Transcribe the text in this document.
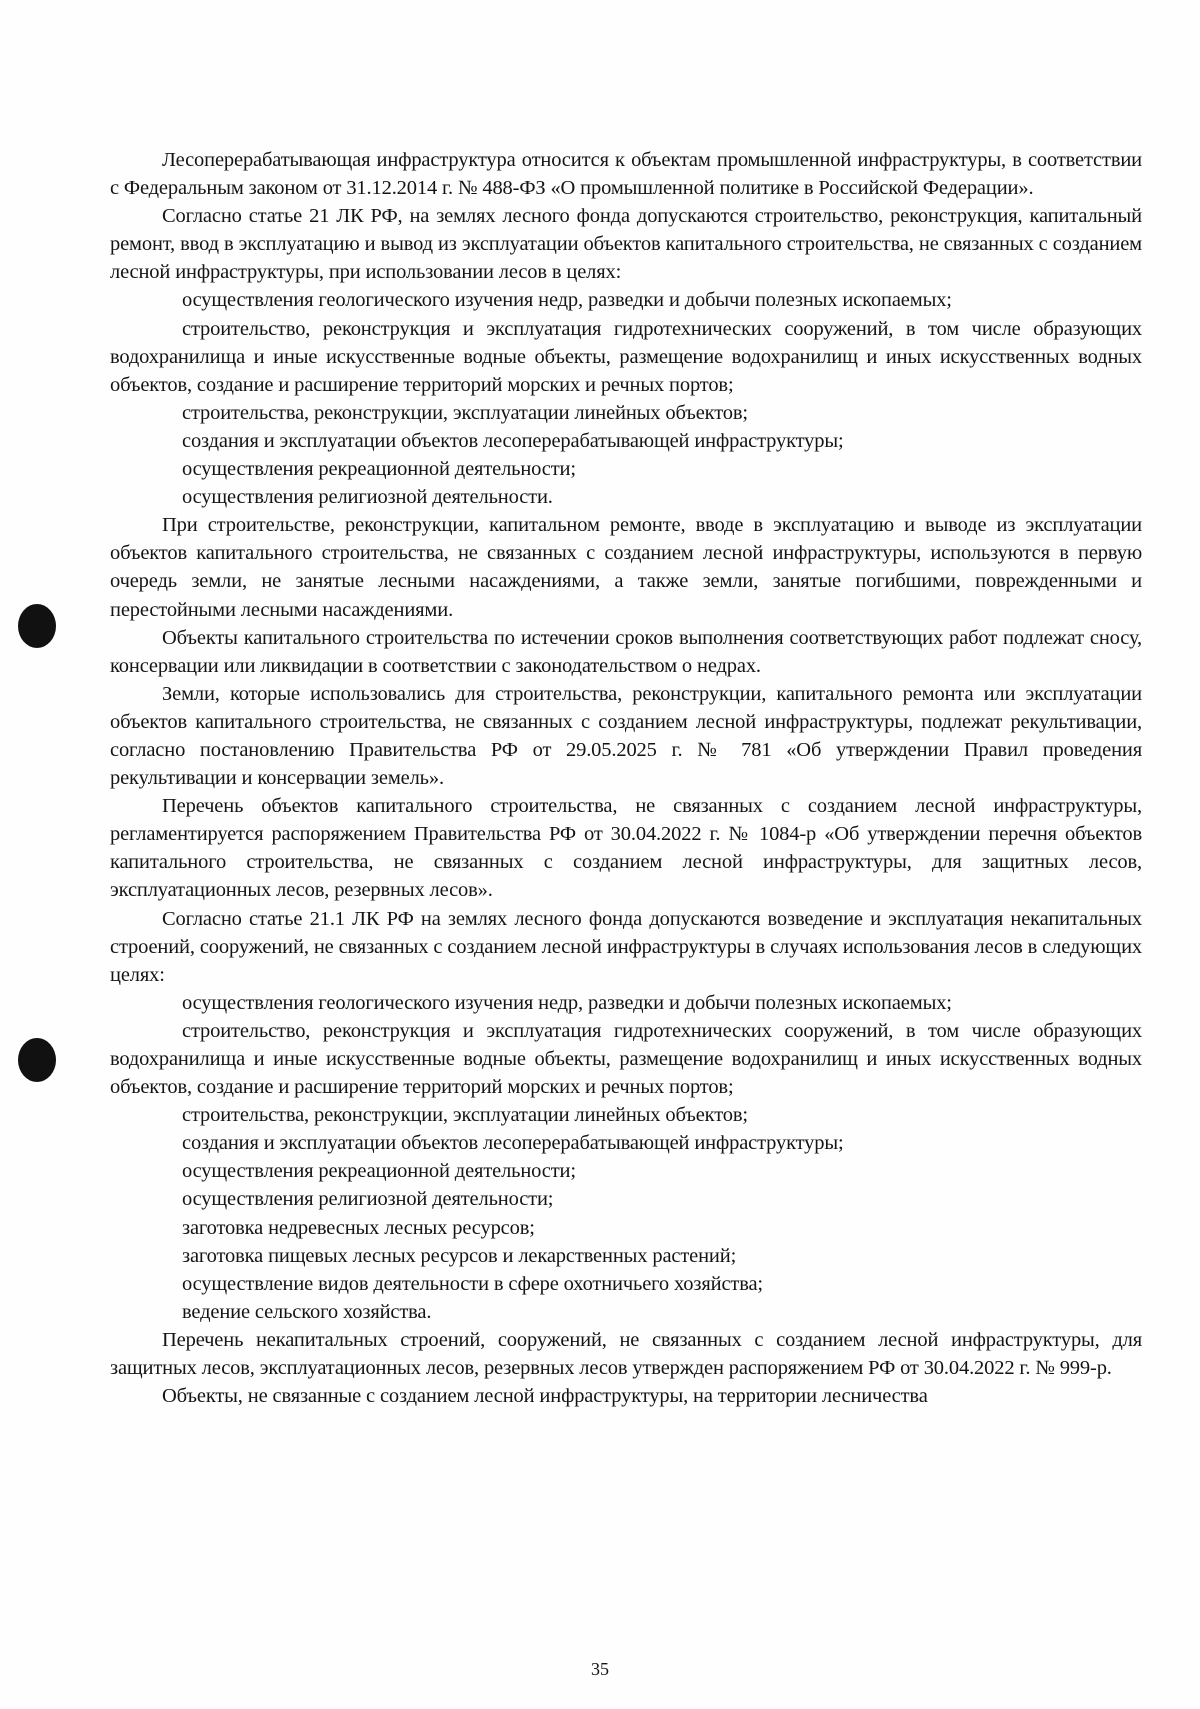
Лесоперерабатывающая инфраструктура относится к объектам промышленной инфраструктуры, в соответствии с Федеральным законом от 31.12.2014 г. № 488-ФЗ «О промышленной политике в Российской Федерации».

Согласно статье 21 ЛК РФ, на землях лесного фонда допускаются строительство, реконструкция, капитальный ремонт, ввод в эксплуатацию и вывод из эксплуатации объектов капитального строительства, не связанных с созданием лесной инфраструктуры, при использовании лесов в целях:

осуществления геологического изучения недр, разведки и добычи полезных ископаемых;

строительство, реконструкция и эксплуатация гидротехнических сооружений, в том числе образующих водохранилища и иные искусственные водные объекты, размещение водохранилищ и иных искусственных водных объектов, создание и расширение территорий морских и речных портов;

строительства, реконструкции, эксплуатации линейных объектов;

создания и эксплуатации объектов лесоперерабатывающей инфраструктуры;

осуществления рекреационной деятельности;

осуществления религиозной деятельности.

При строительстве, реконструкции, капитальном ремонте, вводе в эксплуатацию и выводе из эксплуатации объектов капитального строительства, не связанных с созданием лесной инфраструктуры, используются в первую очередь земли, не занятые лесными насаждениями, а также земли, занятые погибшими, поврежденными и перестойными лесными насаждениями.

Объекты капитального строительства по истечении сроков выполнения соответствующих работ подлежат сносу, консервации или ликвидации в соответствии с законодательством о недрах.

Земли, которые использовались для строительства, реконструкции, капитального ремонта или эксплуатации объектов капитального строительства, не связанных с созданием лесной инфраструктуры, подлежат рекультивации, согласно постановлению Правительства РФ от 29.05.2025 г. № 781 «Об утверждении Правил проведения рекультивации и консервации земель».

Перечень объектов капитального строительства, не связанных с созданием лесной инфраструктуры, регламентируется распоряжением Правительства РФ от 30.04.2022 г. № 1084-р «Об утверждении перечня объектов капитального строительства, не связанных с созданием лесной инфраструктуры, для защитных лесов, эксплуатационных лесов, резервных лесов».

Согласно статье 21.1 ЛК РФ на землях лесного фонда допускаются возведение и эксплуатация некапитальных строений, сооружений, не связанных с созданием лесной инфраструктуры в случаях использования лесов в следующих целях:

осуществления геологического изучения недр, разведки и добычи полезных ископаемых;

строительство, реконструкция и эксплуатация гидротехнических сооружений, в том числе образующих водохранилища и иные искусственные водные объекты, размещение водохранилищ и иных искусственных водных объектов, создание и расширение территорий морских и речных портов;

строительства, реконструкции, эксплуатации линейных объектов;

создания и эксплуатации объектов лесоперерабатывающей инфраструктуры;

осуществления рекреационной деятельности;

осуществления религиозной деятельности;

заготовка недревесных лесных ресурсов;

заготовка пищевых лесных ресурсов и лекарственных растений;

осуществление видов деятельности в сфере охотничьего хозяйства;

ведение сельского хозяйства.

Перечень некапитальных строений, сооружений, не связанных с созданием лесной инфраструктуры, для защитных лесов, эксплуатационных лесов, резервных лесов утвержден распоряжением РФ от 30.04.2022 г. № 999-р.

Объекты, не связанные с созданием лесной инфраструктуры, на территории лесничества

35
